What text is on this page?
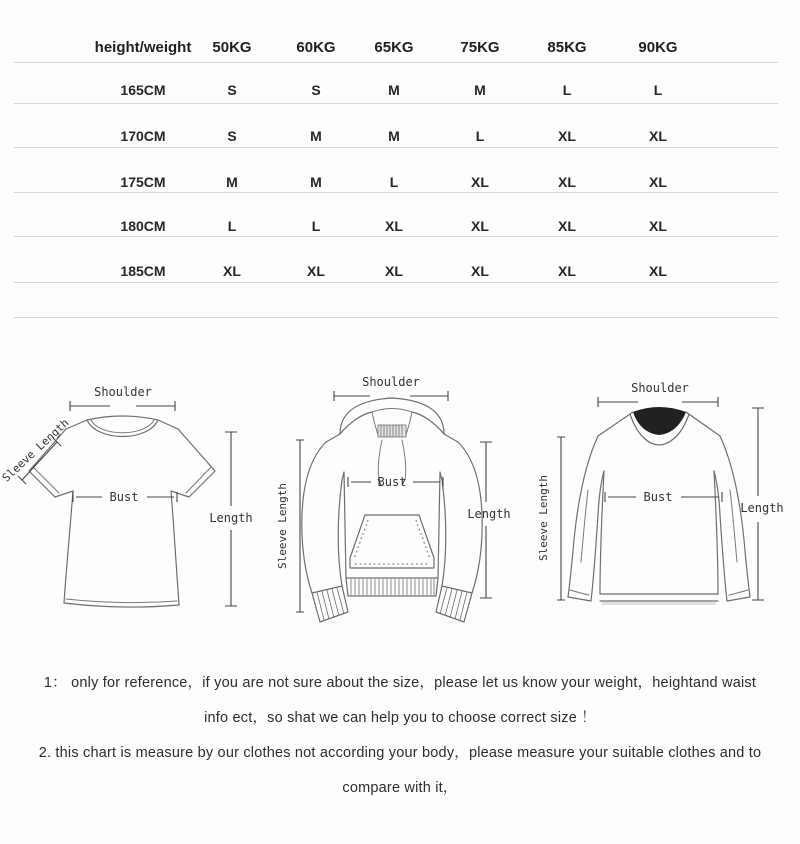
height/weight 50KG	60KG	65KG	75KG	85KG	90KG
165CM	S	S	M	M	L	L
170CM	S	M	M	L	XL	XL
175CM	M	M	L	XL	XL	XL
180CM	L	L	XL	XL	XL	XL
185CM	XL	XL	XL	XL	XL	XL
Shoulder
Sleeve Length
Bust
Length
Shoulder
Sleeve Length
Bust
Length
Shoulder
Sleeve Length	Bust
Length
1： only for reference，if you are not sure about the size，please let us know your weight，heightand waist
info ect，so shat we can help you to choose correct size ！
2. this chart is measure by our clothes not according your body，please measure your suitable clothes and to
compare with it，
